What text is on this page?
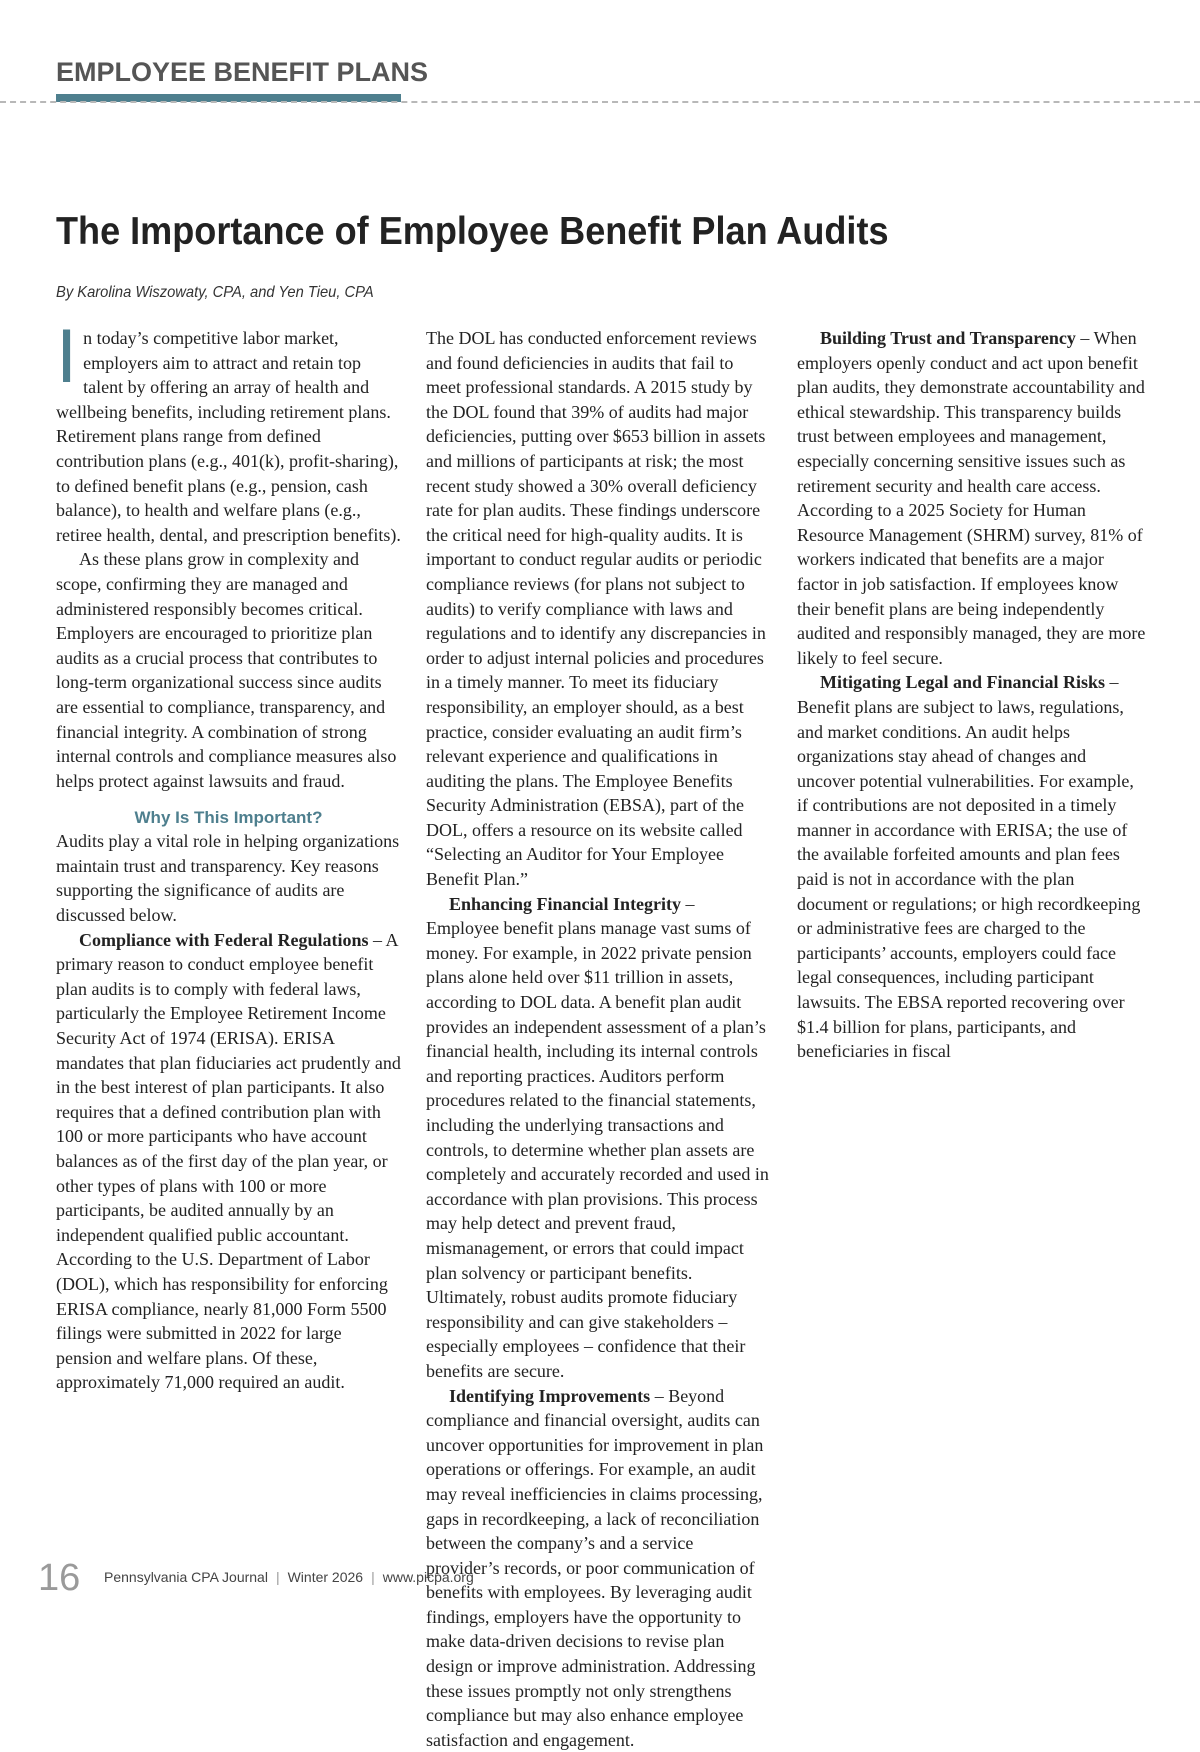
EMPLOYEE BENEFIT PLANS
The Importance of Employee Benefit Plan Audits
By Karolina Wiszowaty, CPA, and Yen Tieu, CPA

In today’s competitive labor market, employers aim to attract and retain top talent by offering an array of health and wellbeing benefits, including retirement plans. Retirement plans range from defined contribution plans (e.g., 401(k), profit-sharing), to defined benefit plans (e.g., pension, cash balance), to health and welfare plans (e.g., retiree health, dental, and prescription benefits).

As these plans grow in complexity and scope, confirming they are managed and administered responsibly becomes critical. Employers are encouraged to prioritize plan audits as a crucial process that contributes to long-term organizational success since audits are essential to compliance, transparency, and financial integrity. A combination of strong internal controls and compliance measures also helps protect against lawsuits and fraud.

Why Is This Important?

Audits play a vital role in helping organizations maintain trust and transparency. Key reasons supporting the significance of audits are discussed below.

Compliance with Federal Regulations – A primary reason to conduct employee benefit plan audits is to comply with federal laws, particularly the Employee Retirement Income Security Act of 1974 (ERISA). ERISA mandates that plan fiduciaries act prudently and in the best interest of plan participants. It also requires that a defined contribution plan with 100 or more participants who have account balances as of the first day of the plan year, or other types of plans with 100 or more participants, be audited annually by an independent qualified public accountant. According to the U.S. Department of Labor (DOL), which has responsibility for enforcing ERISA compliance, nearly 81,000 Form 5500 filings were submitted in 2022 for large pension and welfare plans. Of these, approximately 71,000 required an audit.

The DOL has conducted enforcement reviews and found deficiencies in audits that fail to meet professional standards. A 2015 study by the DOL found that 39% of audits had major deficiencies, putting over $653 billion in assets and millions of participants at risk; the most recent study showed a 30% overall deficiency rate for plan audits. These findings underscore the critical need for high-quality audits. It is important to conduct regular audits or periodic compliance reviews (for plans not subject to audits) to verify compliance with laws and regulations and to identify any discrepancies in order to adjust internal policies and procedures in a timely manner. To meet its fiduciary responsibility, an employer should, as a best practice, consider evaluating an audit firm’s relevant experience and qualifications in auditing the plans. The Employee Benefits Security Administration (EBSA), part of the DOL, offers a resource on its website called “Selecting an Auditor for Your Employee Benefit Plan.”

Enhancing Financial Integrity – Employee benefit plans manage vast sums of money. For example, in 2022 private pension plans alone held over $11 trillion in assets, according to DOL data. A benefit plan audit provides an independent assessment of a plan’s financial health, including its internal controls and reporting practices. Auditors perform procedures related to the financial statements, including the underlying transactions and controls, to determine whether plan assets are completely and accurately recorded and used in accordance with plan provisions. This process may help detect and prevent fraud, mismanagement, or errors that could impact plan solvency or participant benefits. Ultimately, robust audits promote fiduciary responsibility and can give stakeholders – especially employees – confidence that their benefits are secure.

Identifying Improvements – Beyond compliance and financial oversight, audits can uncover opportunities for improvement in plan operations or offerings. For example, an audit may reveal inefficiencies in claims processing, gaps in recordkeeping, a lack of reconciliation between the company’s and a service provider’s records, or poor communication of benefits with employees. By leveraging audit findings, employers have the opportunity to make data-driven decisions to revise plan design or improve administration. Addressing these issues promptly not only strengthens compliance but may also enhance employee satisfaction and engagement.

Building Trust and Transparency – When employers openly conduct and act upon benefit plan audits, they demonstrate accountability and ethical stewardship. This transparency builds trust between employees and management, especially concerning sensitive issues such as retirement security and health care access. According to a 2025 Society for Human Resource Management (SHRM) survey, 81% of workers indicated that benefits are a major factor in job satisfaction. If employees know their benefit plans are being independently audited and responsibly managed, they are more likely to feel secure.

Mitigating Legal and Financial Risks – Benefit plans are subject to laws, regulations, and market conditions. An audit helps organizations stay ahead of changes and uncover potential vulnerabilities. For example, if contributions are not deposited in a timely manner in accordance with ERISA; the use of the available forfeited amounts and plan fees paid is not in accordance with the plan document or regulations; or high recordkeeping or administrative fees are charged to the participants’ accounts, employers could face legal consequences, including participant lawsuits. The EBSA reported recovering over $1.4 billion for plans, participants, and beneficiaries in fiscal

16 Pennsylvania CPA Journal | Winter 2026 | www.picpa.org
